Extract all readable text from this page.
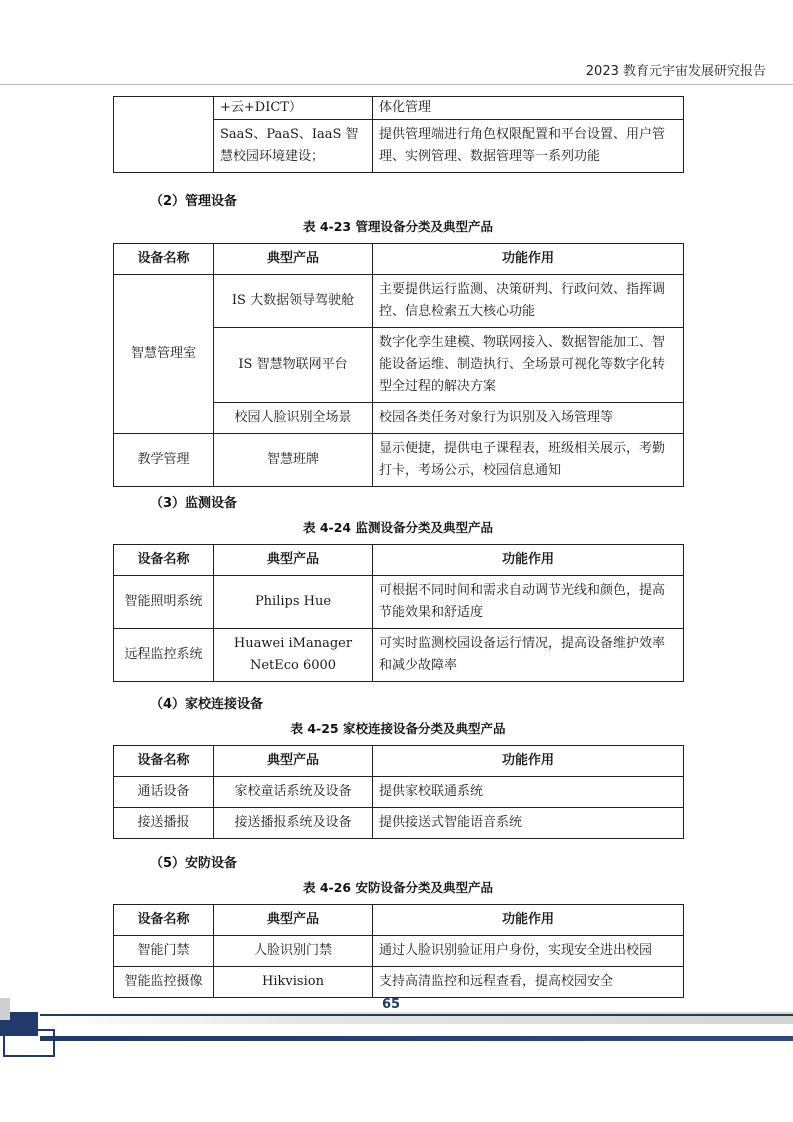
2023 教育元宇宙发展研究报告
	+云+DICT）	体化管理
	SaaS、PaaS、IaaS 智慧校园环境建设；	提供管理端进行角色权限配置和平台设置、用户管理、实例管理、数据管理等一系列功能
（2）管理设备
表 4-23 管理设备分类及典型产品
设备名称	典型产品	功能作用
智慧管理室	IS 大数据领导驾驶舱	主要提供运行监测、决策研判、行政问效、指挥调控、信息检索五大核心功能
	IS 智慧物联网平台	数字化孪生建模、物联网接入、数据智能加工、智能设备运维、制造执行、全场景可视化等数字化转型全过程的解决方案
	校园人脸识别全场景	校园各类任务对象行为识别及入场管理等
教学管理	智慧班牌	显示便捷，提供电子课程表，班级相关展示，考勤打卡，考场公示，校园信息通知
（3）监测设备
表 4-24 监测设备分类及典型产品
设备名称	典型产品	功能作用
智能照明系统	Philips Hue	可根据不同时间和需求自动调节光线和颜色，提高节能效果和舒适度
远程监控系统	Huawei iManager NetEco 6000	可实时监测校园设备运行情况，提高设备维护效率和减少故障率
（4）家校连接设备
表 4-25 家校连接设备分类及典型产品
设备名称	典型产品	功能作用
通话设备	家校童话系统及设备	提供家校联通系统
接送播报	接送播报系统及设备	提供接送式智能语音系统
（5）安防设备
表 4-26 安防设备分类及典型产品
设备名称	典型产品	功能作用
智能门禁	人脸识别门禁	通过人脸识别验证用户身份，实现安全进出校园
智能监控摄像	Hikvision	支持高清监控和远程查看，提高校园安全
65
